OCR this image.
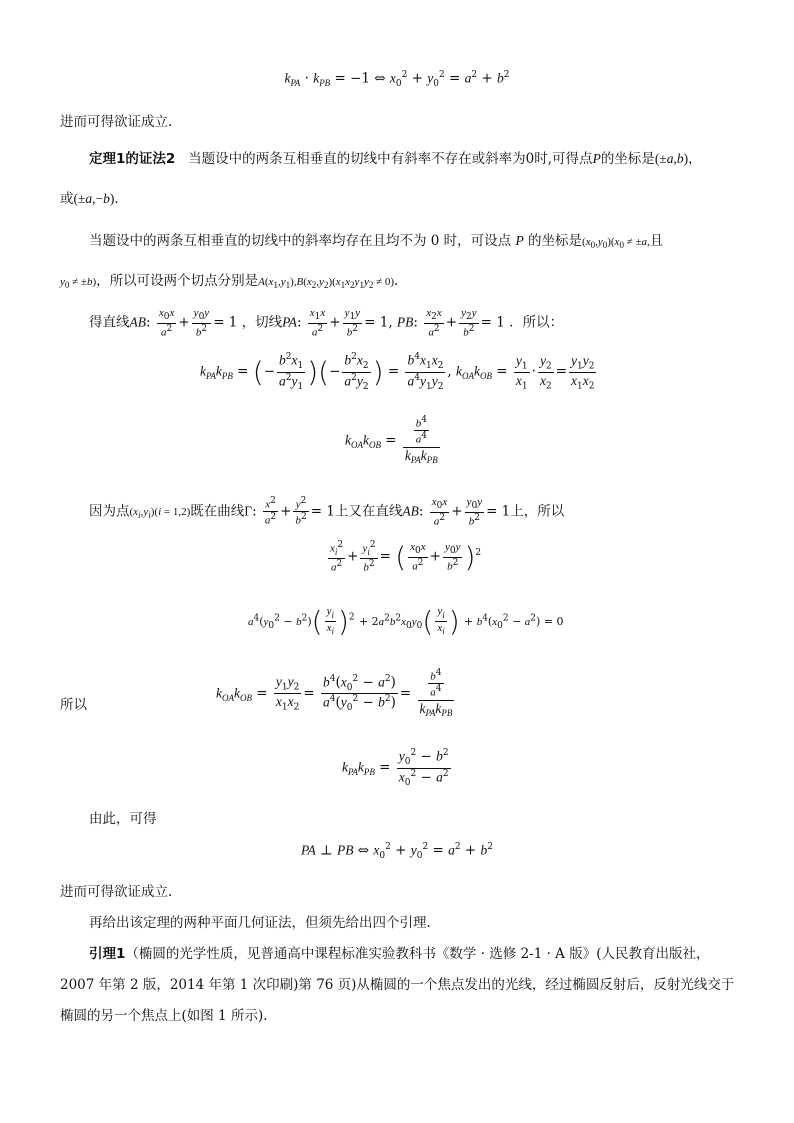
$k_{PA} \cdot k_{PB} = -1$ ⇔ $x_0^2 + y_0^2 = a^2 + b^2$
进而可得欲证成立.
定理1的证法2 当题设中的两条互相垂直的切线中有斜率不存在或斜率为0时,可得点P的坐标是(±a,b)，
或(±a,−b)．
当题设中的两条互相垂直的切线中的斜率均存在且均不为 0 时，可设点 P 的坐标是$(x_0,y_0)(x_0 \ne \pm a$,且
$y_0 \ne \pm b$)，所以可设两个切点分别是$A(x_1,y_1),B(x_2,y_2)(x_1x_2y_1y_2 \ne 0)$．
得直线AB: $\frac{x_0x}{a^2} + \frac{y_0y}{b^2} = 1$ ，切线PA: $\frac{x_1x}{a^2} + \frac{y_1y}{b^2} = 1$, PB: $\frac{x_2x}{a^2} + \frac{y_2y}{b^2} = 1$ ．所以：
$k_{PA}k_{PB}$ = (− $\frac{b^2x_1}{a^2y_1}$ )(− $\frac{b^2x_2}{a^2y_2}$ ) = $\frac{b^4x_1x_2}{a^4y_1y_2}$ , $k_{OA}k_{OB} = \frac{y_1}{x_1} \cdot \frac{y_2}{x_2} = \frac{y_1y_2}{x_1x_2}$
$k_{OA}k_{OB} = \frac{\frac{b^4}{a^4}}{k_{PA}k_{PB}}$
因为点$(x_i,y_i)(i = 1,2)$既在曲线Γ: $\frac{x^2}{a^2} + \frac{y^2}{b^2} = 1$上又在直线AB: $\frac{x_0x}{a^2} + \frac{y_0y}{b^2} = 1$上，所以
$\frac{x_i^2}{a^2} + \frac{y_i^2}{b^2}$ = ( $\frac{x_0x}{a^2} + \frac{y_0y}{b^2} )^2$
$a^4(y_0^2 - b^2)( \frac{y_i}{x_i} )^2 + 2a^2b^2x_0y_0( \frac{y_i}{x_i}$ ) + $b^4(x_0^2 - a^2) = 0$
所以
$k_{OA}k_{OB} = \frac{y_1y_2}{x_1x_2} = \frac{b^4(x_0^2 - a^2)}{a^4(y_0^2 - b^2)} = \frac{\frac{b^4}{a^4}}{k_{PA}k_{PB}}$
$k_{PA}k_{PB} = \frac{y_0^2 - b^2}{x_0^2 - a^2}$
由此，可得
PA ⊥ PB ⇔ $x_0^2 + y_0^2 = a^2 + b^2$
进而可得欲证成立.
再给出该定理的两种平面几何证法，但须先给出四个引理.
引理1（椭圆的光学性质，见普通高中课程标准实验教科书《数学 · 选修 2-1 · A 版》(人民教育出版社，
2007 年第 2 版，2014 年第 1 次印刷)第 76 页)从椭圆的一个焦点发出的光线，经过椭圆反射后，反射光线交于
椭圆的另一个焦点上(如图 1 所示).
